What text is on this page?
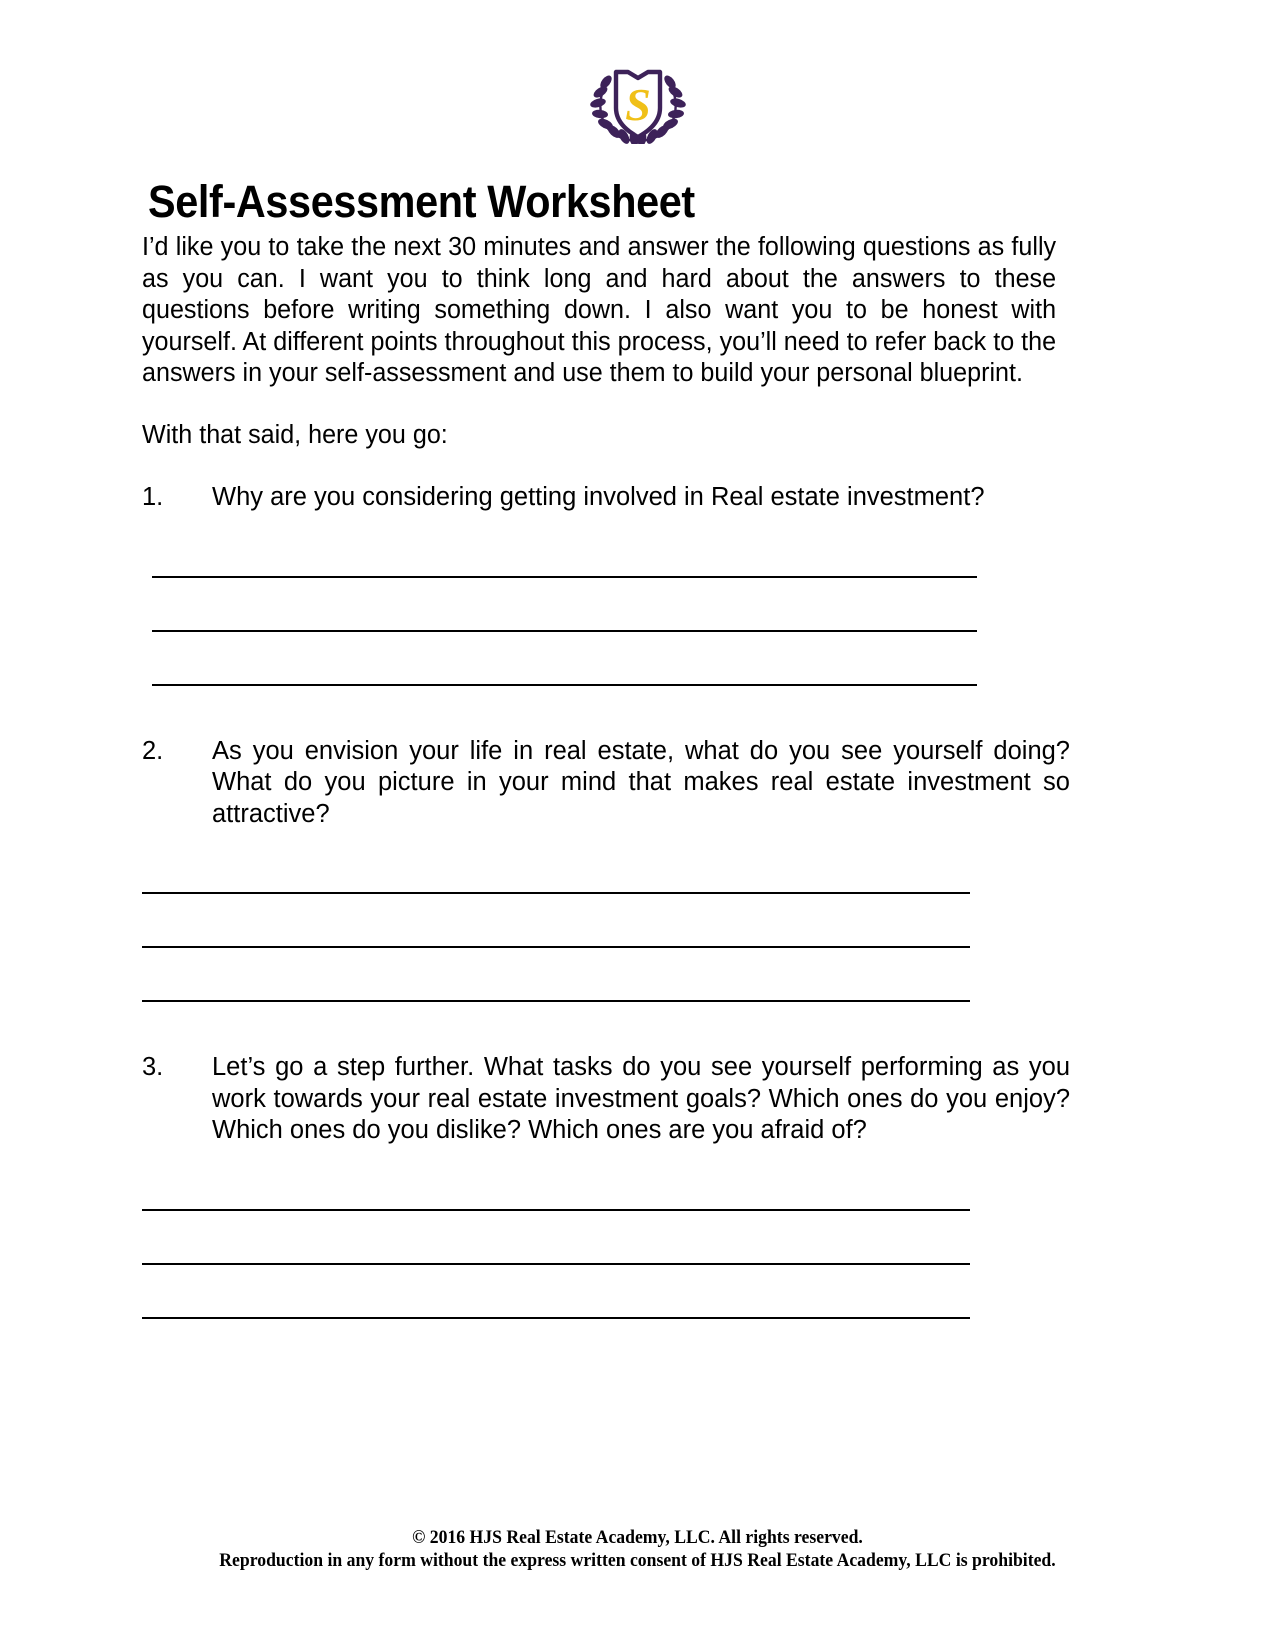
S
Self-Assessment Worksheet

I’d like you to take the next 30 minutes and answer the following questions as fully as you can. I want you to think long and hard about the answers to these questions before writing something down. I also want you to be honest with yourself. At different points throughout this process, you’ll need to refer back to the answers in your self-assessment and use them to build your personal blueprint.

With that said, here you go:

1.	Why are you considering getting involved in Real estate investment?
2.	As you envision your life in real estate, what do you see yourself doing? What do you picture in your mind that makes real estate investment so attractive?
3.	Let’s go a step further. What tasks do you see yourself performing as you work towards your real estate investment goals? Which ones do you enjoy? Which ones do you dislike? Which ones are you afraid of?
© 2016 HJS Real Estate Academy, LLC. All rights reserved.
Reproduction in any form without the express written consent of HJS Real Estate Academy, LLC is prohibited.
